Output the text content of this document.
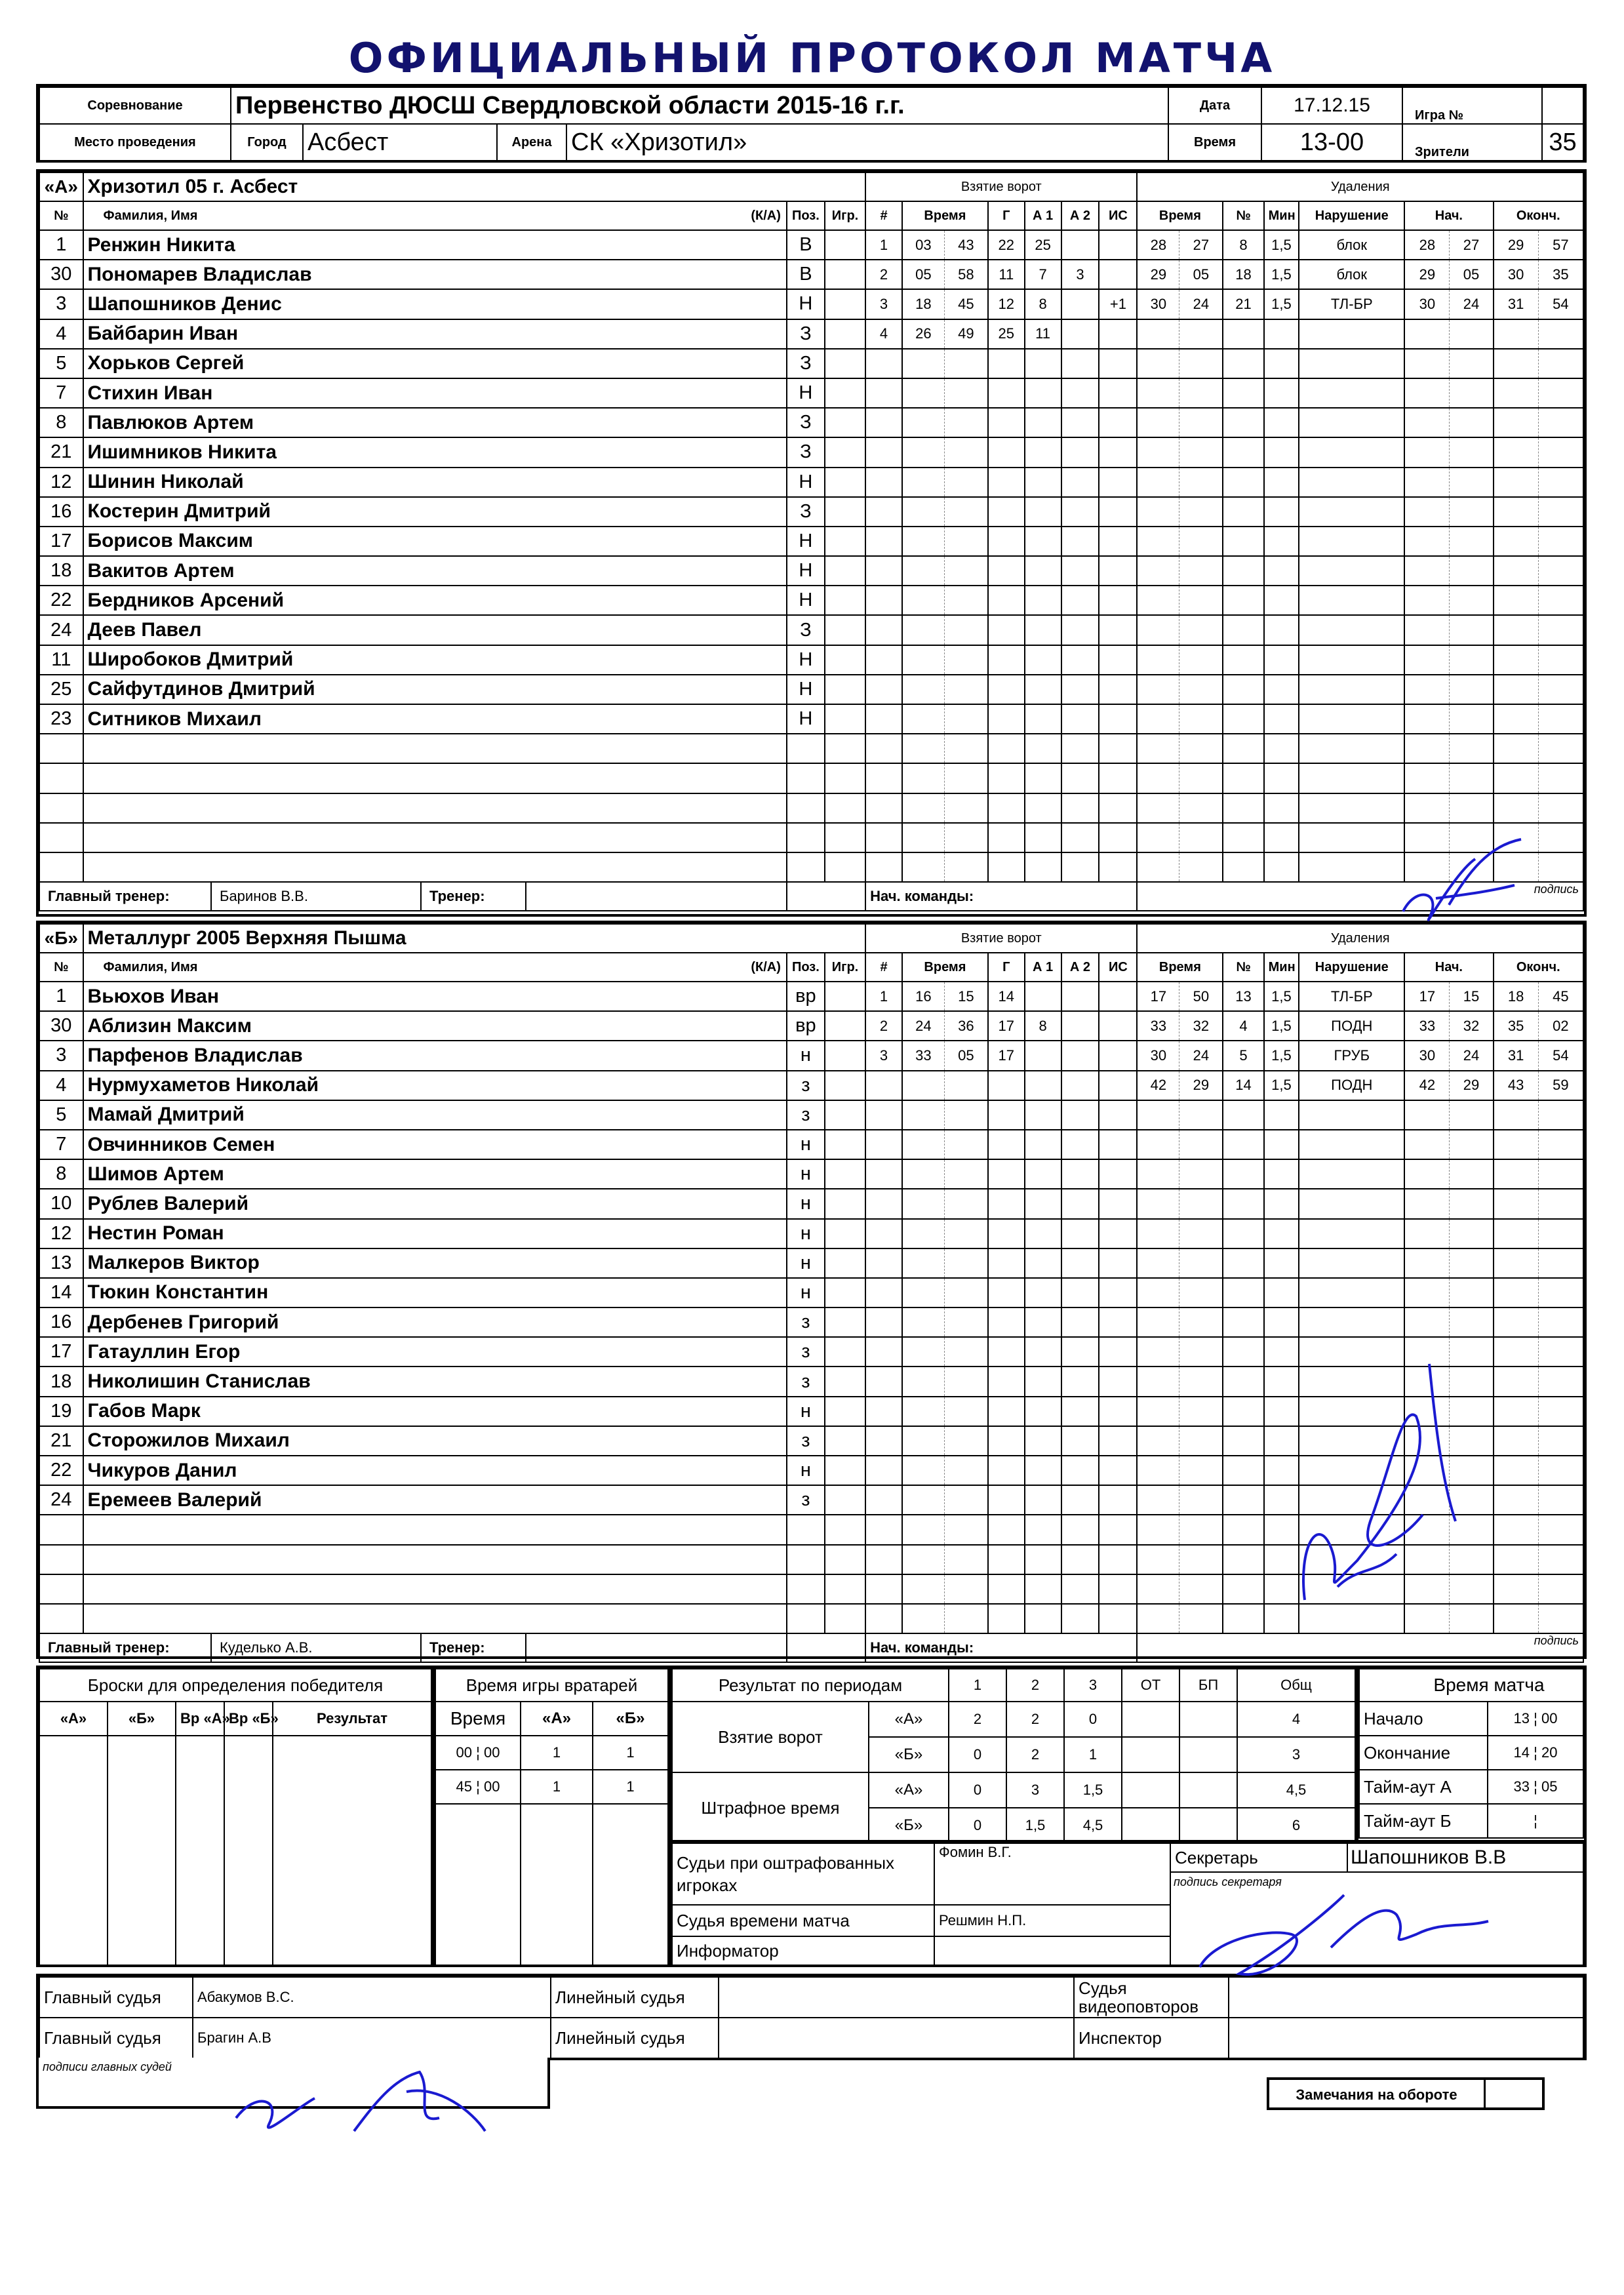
ОФИЦИАЛЬНЫЙ ПРОТОКОЛ МАТЧА
Соревнование	Первенство ДЮСШ Свердловской области 2015-16 г.г.				Дата	17.12.15	Игра №	
Место проведения	Город	Асбест	Арена	СК «Хризотил»	Время	13-00	Зрители	35
«А»	Хризотил 05 г. Асбест			Взятие ворот							Удаления								
№	Фамилия, Имя (К/А)	Поз.	Игр.	#	Время		Г	А 1	А 2	ИС	Время		№	Мин	Нарушение	Нач.		Оконч.	
1	Ренжин Никита	В		1	03	43	22	25			28	27	8	1,5	блок	28	27	29	57
30	Пономарев Владислав	В		2	05	58	11	7	3		29	05	18	1,5	блок	29	05	30	35
3	Шапошников Денис	Н		3	18	45	12	8		+1	30	24	21	1,5	ТЛ-БР	30	24	31	54
4	Байбарин Иван	З		4	26	49	25	11											
5	Хорьков Сергей	З																	
7	Стихин Иван	Н																	
8	Павлюков Артем	З																	
21	Ишимников Никита	З																	
12	Шинин Николай	Н																	
16	Костерин Дмитрий	З																	
17	Борисов Максим	Н																	
18	Вакитов Артем	Н																	
22	Бердников Арсений	Н																	
24	Деев Павел	З																	
11	Широбоков Дмитрий	Н																	
25	Сайфутдинов Дмитрий	Н																	
23	Ситников Михаил	Н																	

Главный тренер: Баринов В.В. Тренер:				Нач. команды:							подпись								
«Б»	Металлург 2005 Верхняя Пышма			Взятие ворот							Удаления								
№	Фамилия, Имя (К/А)	Поз.	Игр.	#	Время		Г	А 1	А 2	ИС	Время		№	Мин	Нарушение	Нач.		Оконч.	
1	Вьюхов Иван	вр		1	16	15	14				17	50	13	1,5	ТЛ-БР	17	15	18	45
30	Аблизин Максим	вр		2	24	36	17	8			33	32	4	1,5	ПОДН	33	32	35	02
3	Парфенов Владислав	н		3	33	05	17				30	24	5	1,5	ГРУБ	30	24	31	54
4	Нурмухаметов Николай	з									42	29	14	1,5	ПОДН	42	29	43	59
5	Мамай Дмитрий	з																	
7	Овчинников Семен	н																	
8	Шимов Артем	н																	
10	Рублев Валерий	н																	
12	Нестин Роман	н																	
13	Малкеров Виктор	н																	
14	Тюкин Константин	н																	
16	Дербенев Григорий	з																	
17	Гатауллин Егор	з																	
18	Николишин Станислав	з																	
19	Габов Марк	н																	
21	Сторожилов Михаил	з																	
22	Чикуров Данил	н																	
24	Еремеев Валерий	з																	

Главный тренер: Куделько А.В. Тренер:				Нач. команды:							подпись								
Броски для определения победителя				
«А»	«Б»	Вр «А»	Вр «Б»	Результат

Время игры вратарей		
Время	«А»	«Б»
00 ¦ 00	1	1
45 ¦ 00	1	1

Результат по периодам		1	2	3	ОТ	БП	Общ
Взятие ворот	«А»	2	2	0			4
	«Б»	0	2	1			3
Штрафное время	«А»	0	3	1,5			4,5
	«Б»	0	1,5	4,5			6
Время матча	
Начало	13 ¦ 00
Окончание	14 ¦ 20
Тайм-аут А	33 ¦ 05
Тайм-аут Б	¦
Судьи при оштрафованных игроках	Фомин В.Г.	Секретарь Шапошников В.В
подпись секретаря

Судья времени матча	Решмин Н.П.	
Информатор		
Главный судья	Абакумов В.С.	Линейный судья		Судья видеоповторов	
Главный судья	Брагин А.В	Линейный судья		Инспектор	
подписи главных судей
Замечания на обороте
